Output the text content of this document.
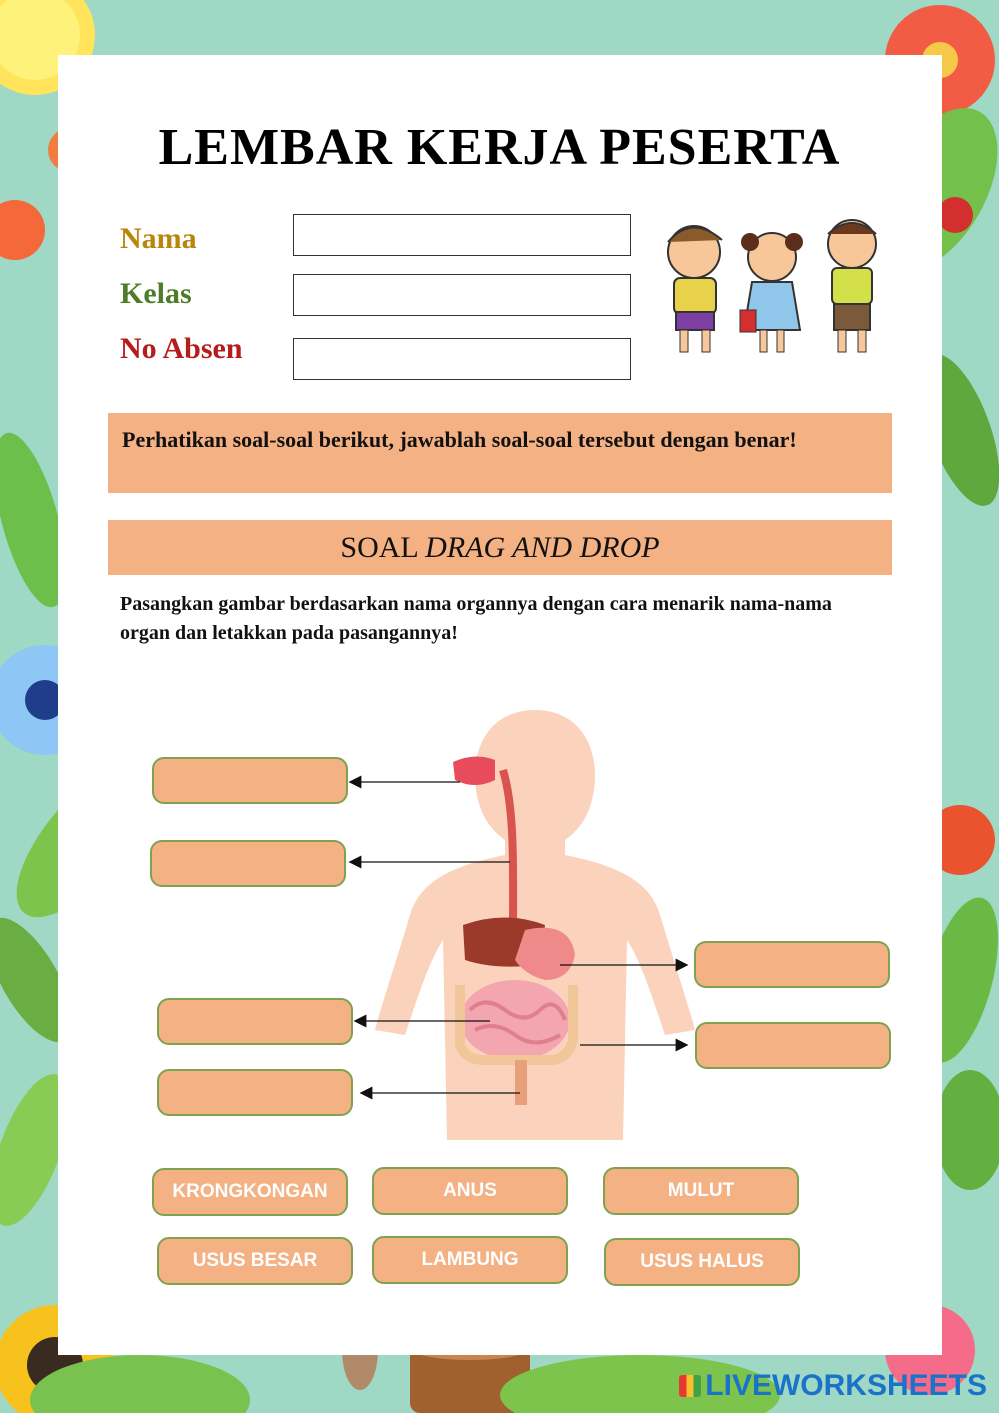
LEMBAR KERJA PESERTA
Nama
Kelas
No Absen
Perhatikan soal-soal berikut, jawablah soal-soal tersebut dengan benar!
SOAL DRAG AND DROP
Pasangkan gambar berdasarkan nama organnya dengan cara menarik nama-nama organ dan letakkan pada pasangannya!
KRONGKONGAN	ANUS	MULUT
USUS BESAR	LAMBUNG	USUS HALUS
LIVEWORKSHEETS
